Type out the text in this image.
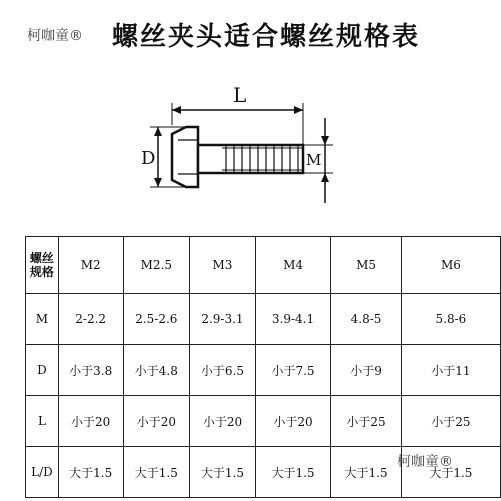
柯咖童® 螺丝夹头适合螺丝规格表
L
D	M
螺丝
规格	M2	M2.5	M3	M4	M5	M6
M	2-2.2	2.5-2.6	2.9-3.1	3.9-4.1	4.8-5	5.8-6
D	小于3.8	小于4.8	小于6.5	小于7.5	小于9	小于11
L	小于20	小于20	小于20	小于20	小于25	小于25
L/D	大于1.5	大于1.5	大于1.5	大于1.5	大于1.5	大于1.5
柯咖童®
